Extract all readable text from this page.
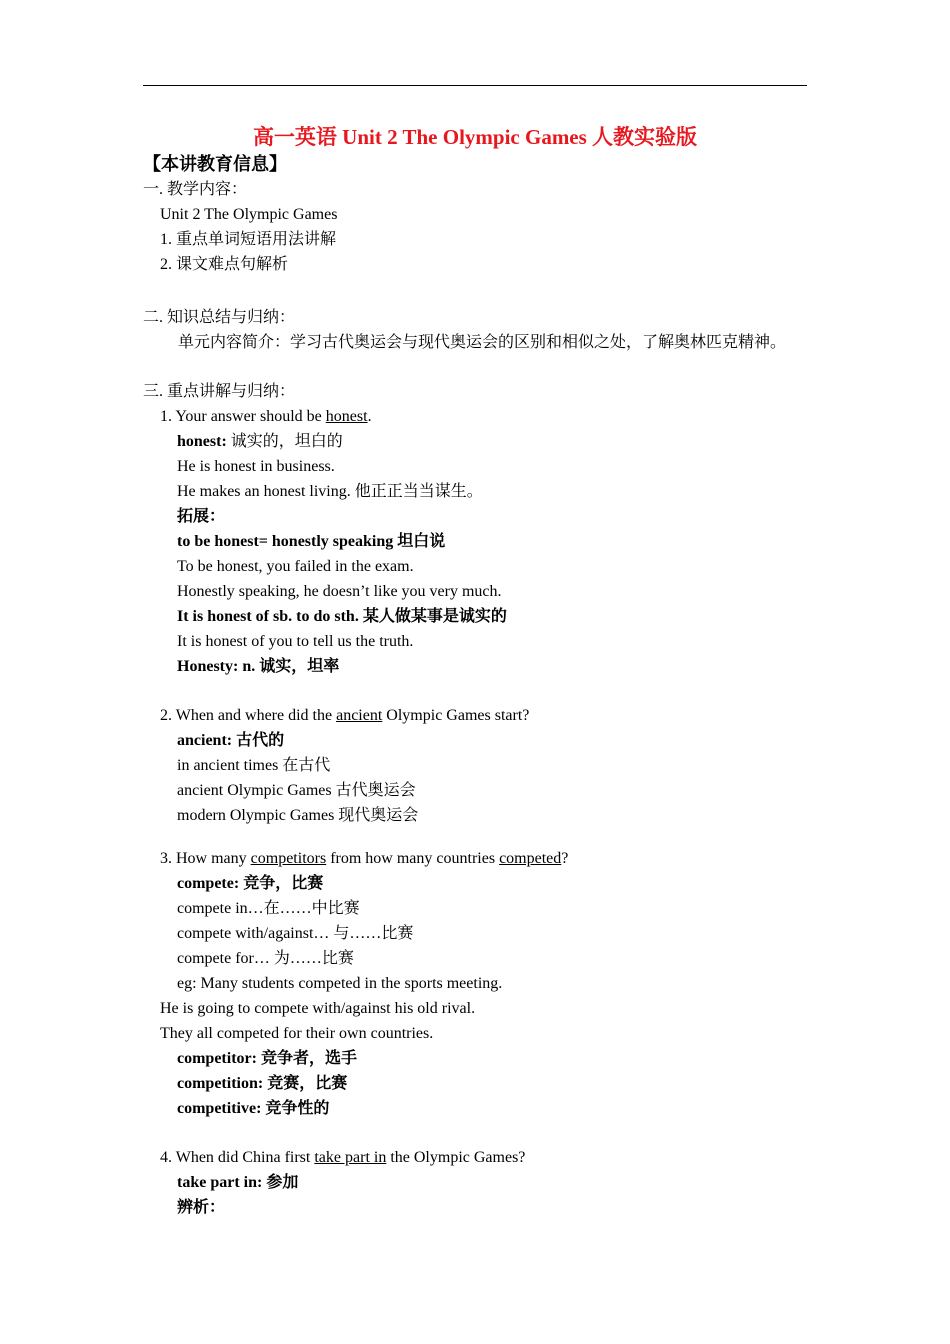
高一英语 Unit 2 The Olympic Games 人教实验版
【本讲教育信息】
一. 教学内容：
Unit 2 The Olympic Games
1. 重点单词短语用法讲解
2. 课文难点句解析
二. 知识总结与归纳：
单元内容简介：学习古代奥运会与现代奥运会的区别和相似之处，了解奥林匹克精神。
三. 重点讲解与归纳：
1. Your answer should be honest.
honest: 诚实的，坦白的
He is honest in business.
He makes an honest living. 他正正当当谋生。
拓展：
to be honest= honestly speaking 坦白说
To be honest, you failed in the exam.
Honestly speaking, he doesn’t like you very much.
It is honest of sb. to do sth. 某人做某事是诚实的
It is honest of you to tell us the truth.
Honesty: n. 诚实，坦率
2. When and where did the ancient Olympic Games start?
ancient: 古代的
in ancient times 在古代
ancient Olympic Games 古代奥运会
modern Olympic Games 现代奥运会
3. How many competitors from how many countries competed?
compete: 竞争，比赛
compete in…在……中比赛
compete with/against… 与……比赛
compete for… 为……比赛
eg: Many students competed in the sports meeting.
He is going to compete with/against his old rival.
They all competed for their own countries.
competitor: 竞争者，选手
competition: 竞赛，比赛
competitive: 竞争性的
4. When did China first take part in the Olympic Games?
take part in: 参加
辨析：
